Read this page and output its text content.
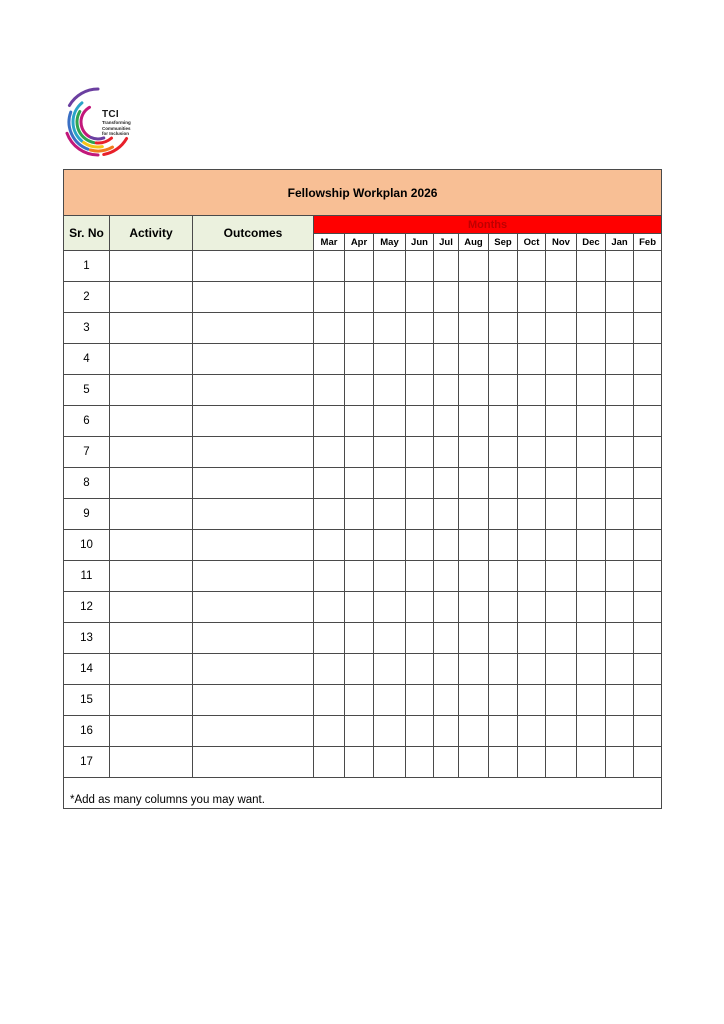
TCI
Transforming
Communities
for Inclusion
Fellowship Workplan 2026														
Sr. No	Activity	Outcomes	Months											
			Mar	Apr	May	Jun	Jul	Aug	Sep	Oct	Nov	Dec	Jan	Feb
1														
2														
3														
4														
5														
6														
7														
8														
9														
10														
11														
12														
13														
14														
15														
16														
17														

*Add as many columns you may want.														
